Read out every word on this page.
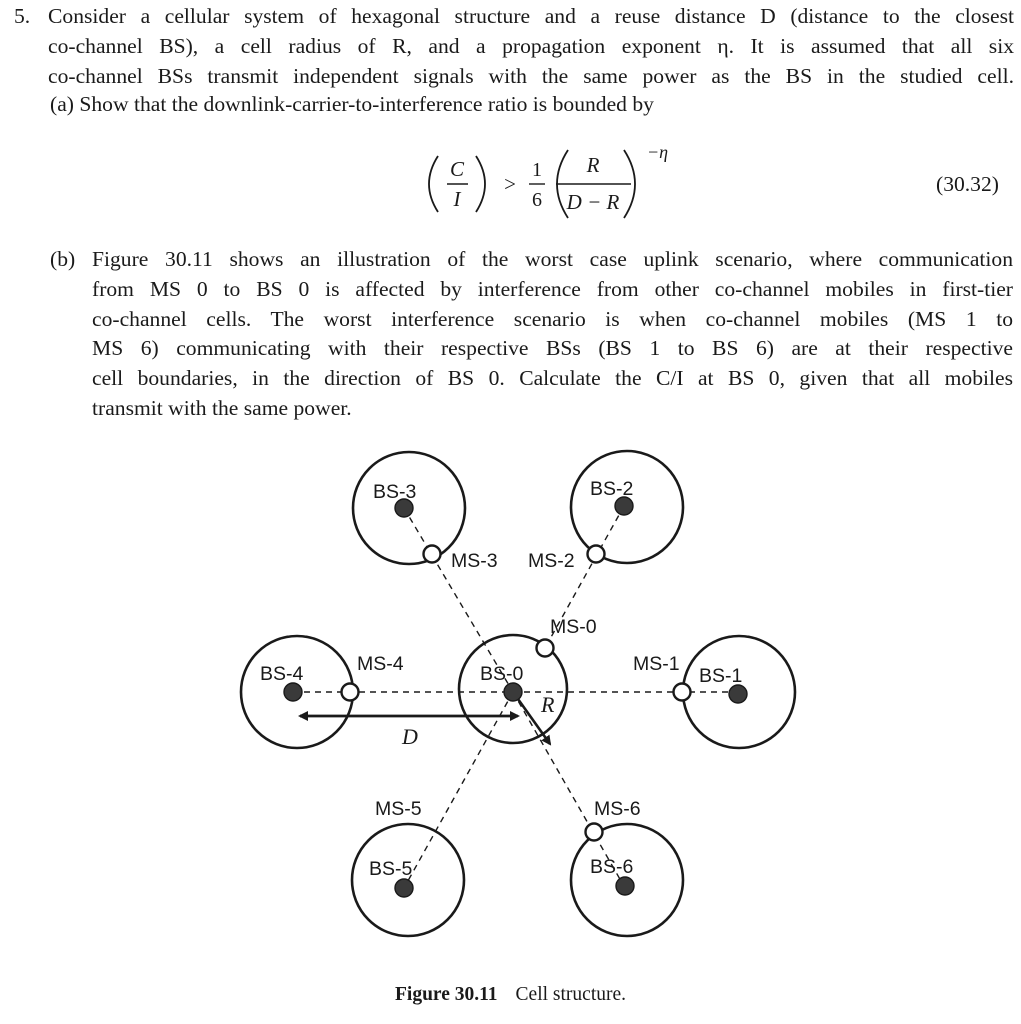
5. Consider a cellular system of hexagonal structure and a reuse distance D (distance to the closest
co-channel BS), a cell radius of R, and a propagation exponent η. It is assumed that all six
co-channel BSs transmit independent signals with the same power as the BS in the studied cell.
(a) Show that the downlink-carrier-to-interference ratio is bounded by
C
I
>
1
6
R
D − R
−η
(30.32)
(b) Figure 30.11 shows an illustration of the worst case uplink scenario, where communication
from MS 0 to BS 0 is affected by interference from other co-channel mobiles in first-tier
co-channel cells. The worst interference scenario is when co-channel mobiles (MS 1 to
MS 6) communicating with their respective BSs (BS 1 to BS 6) are at their respective
cell boundaries, in the direction of BS 0. Calculate the C/I at BS 0, given that all mobiles
transmit with the same power.
BS-3	BS-2
MS-3 MS-2
MS-0
MS-4
BS-4	BS-0	MS-1
BS-1
R
D
MS-5	MS-6
BS-5	BS-6
Figure 30.11 Cell structure.
